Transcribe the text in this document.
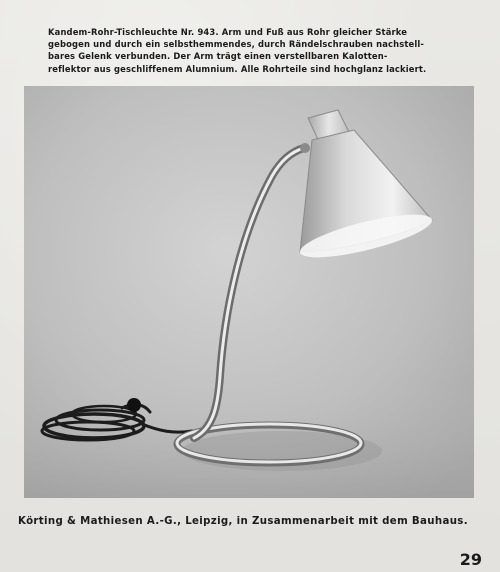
Kandem-Rohr-Tischleuchte Nr. 943. Arm und Fuß aus Rohr gleicher Stärke
gebogen und durch ein selbsthemmendes, durch Rändelschrauben nachstell-
bares Gelenk verbunden. Der Arm trägt einen verstellbaren Kalotten-
reflektor aus geschliffenem Alumnium. Alle Rohrteile sind hochglanz lackiert.
Körting & Mathiesen A.-G., Leipzig, in Zusammenarbeit mit dem Bauhaus.
29
